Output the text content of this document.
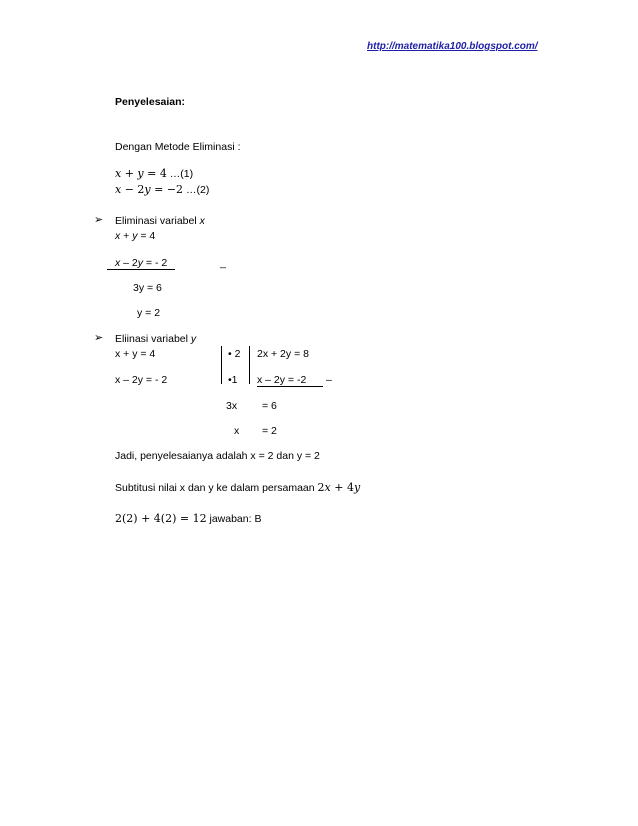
http://matematika100.blogspot.com/
Penyelesaian:
Dengan Metode Eliminasi :
𝑥 + 𝑦 = 4 …(1)
𝑥 − 2𝑦 = −2 …(2)
➢ Eliminasi variabel x
x + y = 4
x – 2y = - 2	_
3y = 6
y = 2
➢ Eliinasi variabel y
x + y = 4
x – 2y = - 2
• 2
•1
2x + 2y = 8
x – 2y = -2 –
3x = 6
x = 2
Jadi, penyelesaianya adalah x = 2 dan y = 2
Subtitusi nilai x dan y ke dalam persamaan 2𝑥 + 4𝑦
2(2) + 4(2) = 12 jawaban: B
